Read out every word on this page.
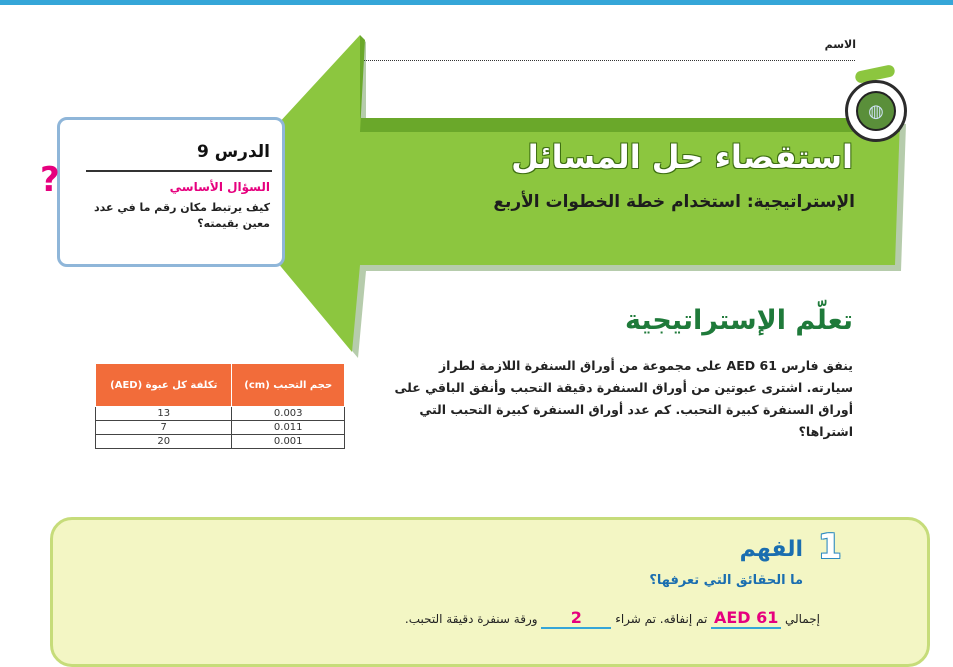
الاسم
◍
استقصاء حل المسائل
الإستراتيجية: استخدام خطة الخطوات الأربع
الدرس 9
السؤال الأساسي
كيف يرتبط مكان رقم ما في عدد معين بقيمته؟
?
تعلّم الإستراتيجية
ينفق فارس 61 AED على مجموعة من أوراق السنفرة اللازمة لطراز سيارته. اشترى عبوتين من أوراق السنفرة دقيقة التحبب وأنفق الباقي على أوراق السنفرة كبيرة التحبب. كم عدد أوراق السنفرة كبيرة التحبب التي اشتراها؟
تكلفة كل عبوة (AED)	حجم التحبب (cm)
13	0.003
7	0.011
20	0.001
1
الفهم
ما الحقائق التي تعرفها؟
إجمالي AED 61 تم إنفاقه. تم شراء 2 ورقة سنفرة دقيقة التحبب.
